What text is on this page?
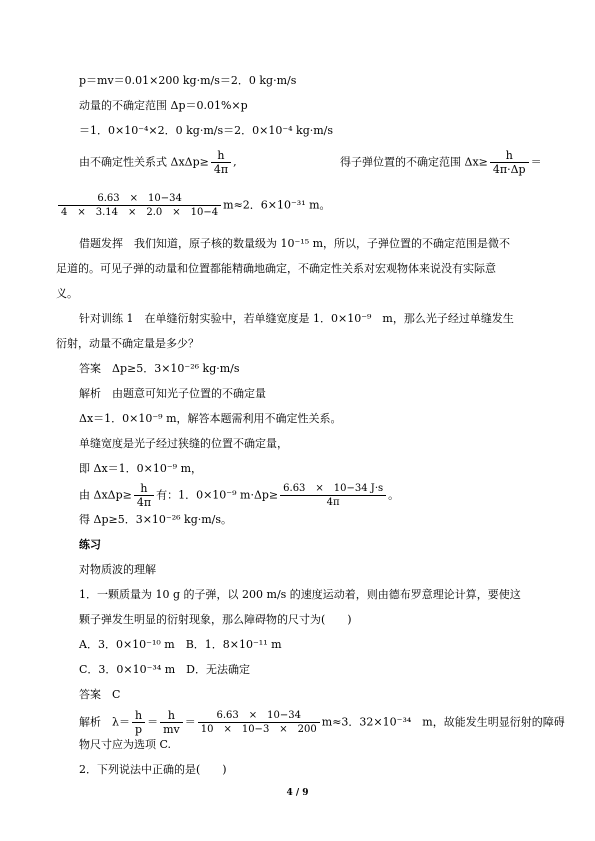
p＝mv＝0.01×200 kg·m/s＝2．0 kg·m/s
动量的不确定范围 Δp＝0.01%×p
＝1．0×10⁻⁴×2．0 kg·m/s＝2．0×10⁻⁴ kg·m/s
由不确定性关系式 $\Delta x\Delta p\ge \frac{h}{4\pi}$ ,	得子弹位置的不确定范围 $\Delta x\ge \frac{h}{4\pi\cdot\Delta p}$ ＝
$\frac{6.63 \times 10-34}{4 \times 3.14 \times 2.0 \times 10-4} m\approx 2$．6×10⁻³¹ m。
借题发挥　我们知道，原子核的数量级为 10⁻¹⁵ m，所以，子弹位置的不确定范围是微不
足道的。可见子弹的动量和位置都能精确地确定，不确定性关系对宏观物体来说没有实际意
义。
针对训练 1　在单缝衍射实验中，若单缝宽度是 1．0×10⁻⁹　m，那么光子经过单缝发生
衍射，动量不确定量是多少？
答案　Δp≥5．3×10⁻²⁶ kg·m/s
解析　由题意可知光子位置的不确定量
Δx＝1．0×10⁻⁹ m，解答本题需利用不确定性关系。
单缝宽度是光子经过狭缝的位置不确定量，
即 Δx＝1．0×10⁻⁹ m，
由 $\Delta x\Delta p\ge \frac{h}{4\pi}$ 有：1．0×10⁻⁹ $m\cdot\Delta p\ge \frac{6.63 \times 10-34 J\cdot s}{4\pi}$ 。
得 Δp≥5．3×10⁻²⁶ kg·m/s。
练习
对物质波的理解
1．一颗质量为 10 g 的子弹，以 200 m/s 的速度运动着，则由德布罗意理论计算，要使这
颗子弹发生明显的衍射现象，那么障碍物的尺寸为(　　)
A．3．0×10⁻¹⁰ m　B．1．8×10⁻¹¹ m
C．3．0×10⁻³⁴ m　D．无法确定
答案　C
解析　$\lambda= \frac{h}{p} = \frac{h}{mv} = \frac{6.63 \times 10-34}{10 \times 10-3 \times 200} m\approx 3$．32×10⁻³⁴　m，故能发生明显衍射的障碍
物尺寸应为选项 C.
2．下列说法中正确的是(　　)
4 / 9
